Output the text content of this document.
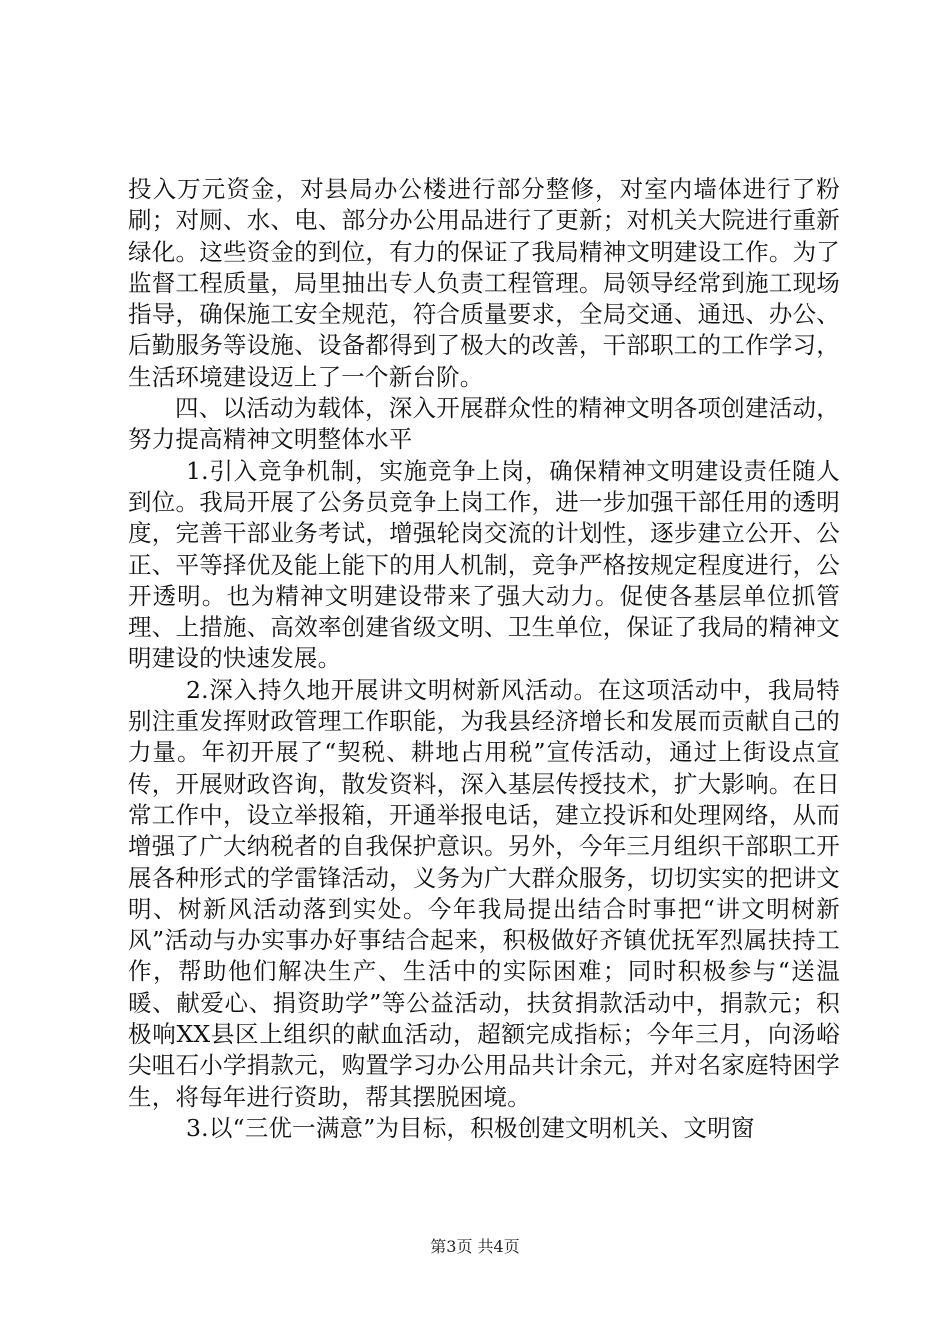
投入万元资金，对县局办公楼进行部分整修，对室内墙体进行了粉刷；对厕、水、电、部分办公用品进行了更新；对机关大院进行重新绿化。这些资金的到位，有力的保证了我局精神文明建设工作。为了监督工程质量，局里抽出专人负责工程管理。局领导经常到施工现场指导，确保施工安全规范，符合质量要求，全局交通、通迅、办公、后勤服务等设施、设备都得到了极大的改善，干部职工的工作学习，生活环境建设迈上了一个新台阶。

四、以活动为载体，深入开展群众性的精神文明各项创建活动，努力提高精神文明整体水平

1.引入竞争机制，实施竞争上岗，确保精神文明建设责任随人到位。我局开展了公务员竞争上岗工作，进一步加强干部任用的透明度，完善干部业务考试，增强轮岗交流的计划性，逐步建立公开、公正、平等择优及能上能下的用人机制，竞争严格按规定程度进行，公开透明。也为精神文明建设带来了强大动力。促使各基层单位抓管理、上措施、高效率创建省级文明、卫生单位，保证了我局的精神文明建设的快速发展。

2.深入持久地开展讲文明树新风活动。在这项活动中，我局特别注重发挥财政管理工作职能，为我县经济增长和发展而贡献自己的力量。年初开展了“契税、耕地占用税”宣传活动，通过上街设点宣传，开展财政咨询，散发资料，深入基层传授技术，扩大影响。在日常工作中，设立举报箱，开通举报电话，建立投诉和处理网络，从而增强了广大纳税者的自我保护意识。另外，今年三月组织干部职工开展各种形式的学雷锋活动，义务为广大群众服务，切切实实的把讲文明、树新风活动落到实处。今年我局提出结合时事把“讲文明树新风”活动与办实事办好事结合起来，积极做好齐镇优抚军烈属扶持工作，帮助他们解决生产、生活中的实际困难；同时积极参与“送温暖、献爱心、捐资助学”等公益活动，扶贫捐款活动中，捐款元；积极响XX县区上组织的献血活动，超额完成指标；今年三月，向汤峪尖咀石小学捐款元，购置学习办公用品共计余元，并对名家庭特困学生，将每年进行资助，帮其摆脱困境。

3.以“三优一满意”为目标，积极创建文明机关、文明窗

第3页 共4页
